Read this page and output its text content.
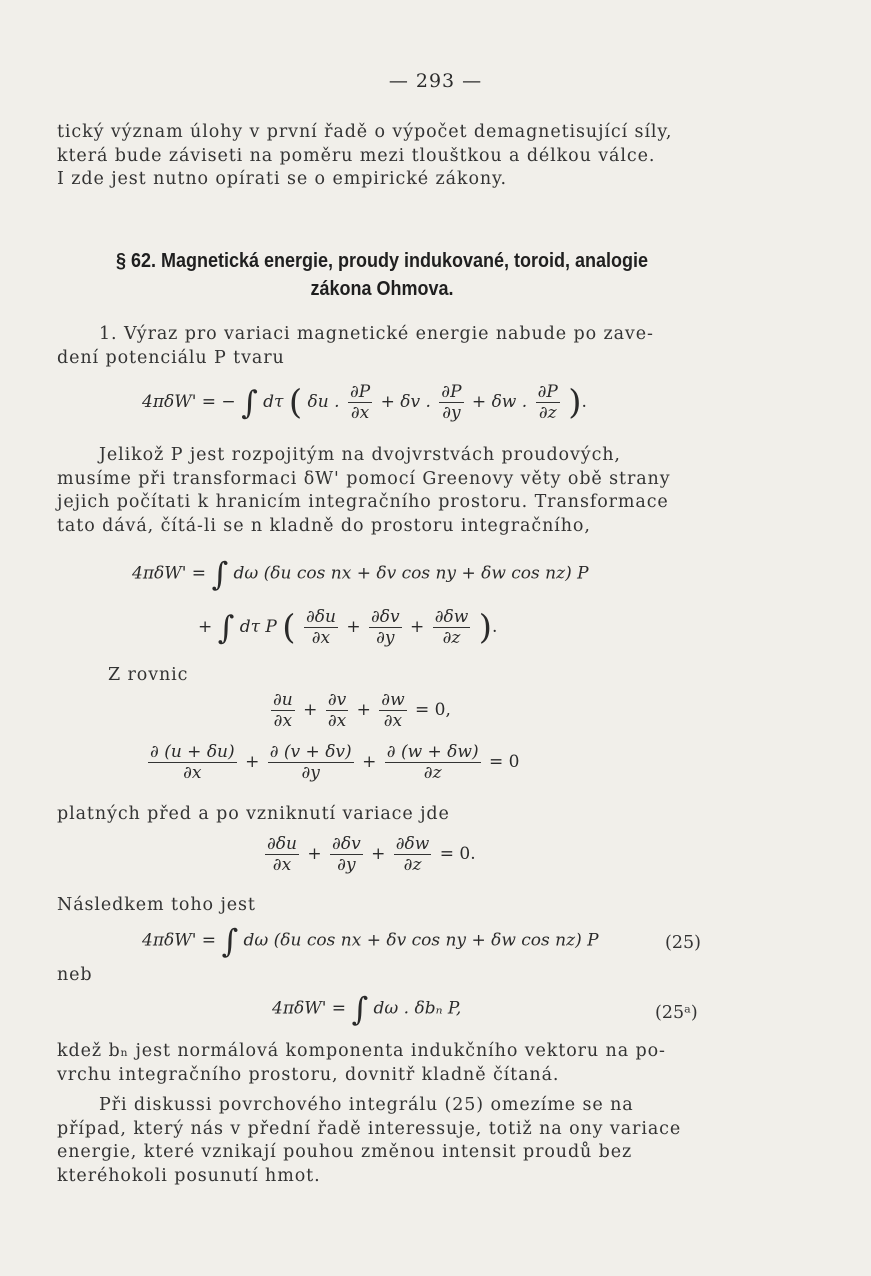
— 293 —

tický význam úlohy v první řadě o výpočet demagnetisující síly,

která bude záviseti na poměru mezi tlouštkou a délkou válce.

I zde jest nutno opírati se o empirické zákony.

§ 62. Magnetická energie, proudy indukované, toroid, analogie
zákona Ohmova.

1. Výraz pro variaci magnetické energie nabude po zave-

dení potenciálu P tvaru

4πδW' = − ∫ dτ ( δu . $\frac{\partial P}{\partial x} + \delta v$ . $\frac{\partial P}{\partial y} + \delta w$ . $\frac{\partial P}{\partial z}$ ).

Jelikož P jest rozpojitým na dvojvrstvách proudových,

musíme při transformaci δW' pomocí Greenovy věty obě strany

jejich počítati k hranicím integračního prostoru. Transformace

tato dává, čítá-li se n kladně do prostoru integračního,

4πδW' = ∫ dω (δu cos nx + δv cos ny + δw cos nz) P
+ ∫ dτ P ( $\frac{\partial\delta u}{\partial x} + \frac{\partial\delta v}{\partial y} + \frac{\partial\delta w}{\partial z}$ ).
Z rovnic
$\frac{\partial u}{\partial x} + \frac{\partial v}{\partial x} + \frac{\partial w}{\partial x} = 0$,
$\frac{\partial (u + \delta u)}{\partial x} + \frac{\partial (v + \delta v)}{\partial y} + \frac{\partial (w + \delta w)}{\partial z} = 0$
platných před a po vzniknutí variace jde
$\frac{\partial\delta u}{\partial x} + \frac{\partial\delta v}{\partial y} + \frac{\partial\delta w}{\partial z} = 0$.
Následkem toho jest
4πδW' = ∫ dω (δu cos nx + δv cos ny + δw cos nz) P	(25)
neb
4πδW' = ∫ dω . δbₙ P,	(25ᵃ)

kdež bₙ jest normálová komponenta indukčního vektoru na po-

vrchu integračního prostoru, dovnitř kladně čítaná.

Při diskussi povrchového integrálu (25) omezíme se na

případ, který nás v přední řadě interessuje, totiž na ony variace

energie, které vznikají pouhou změnou intensit proudů bez

kteréhokoli posunutí hmot.
